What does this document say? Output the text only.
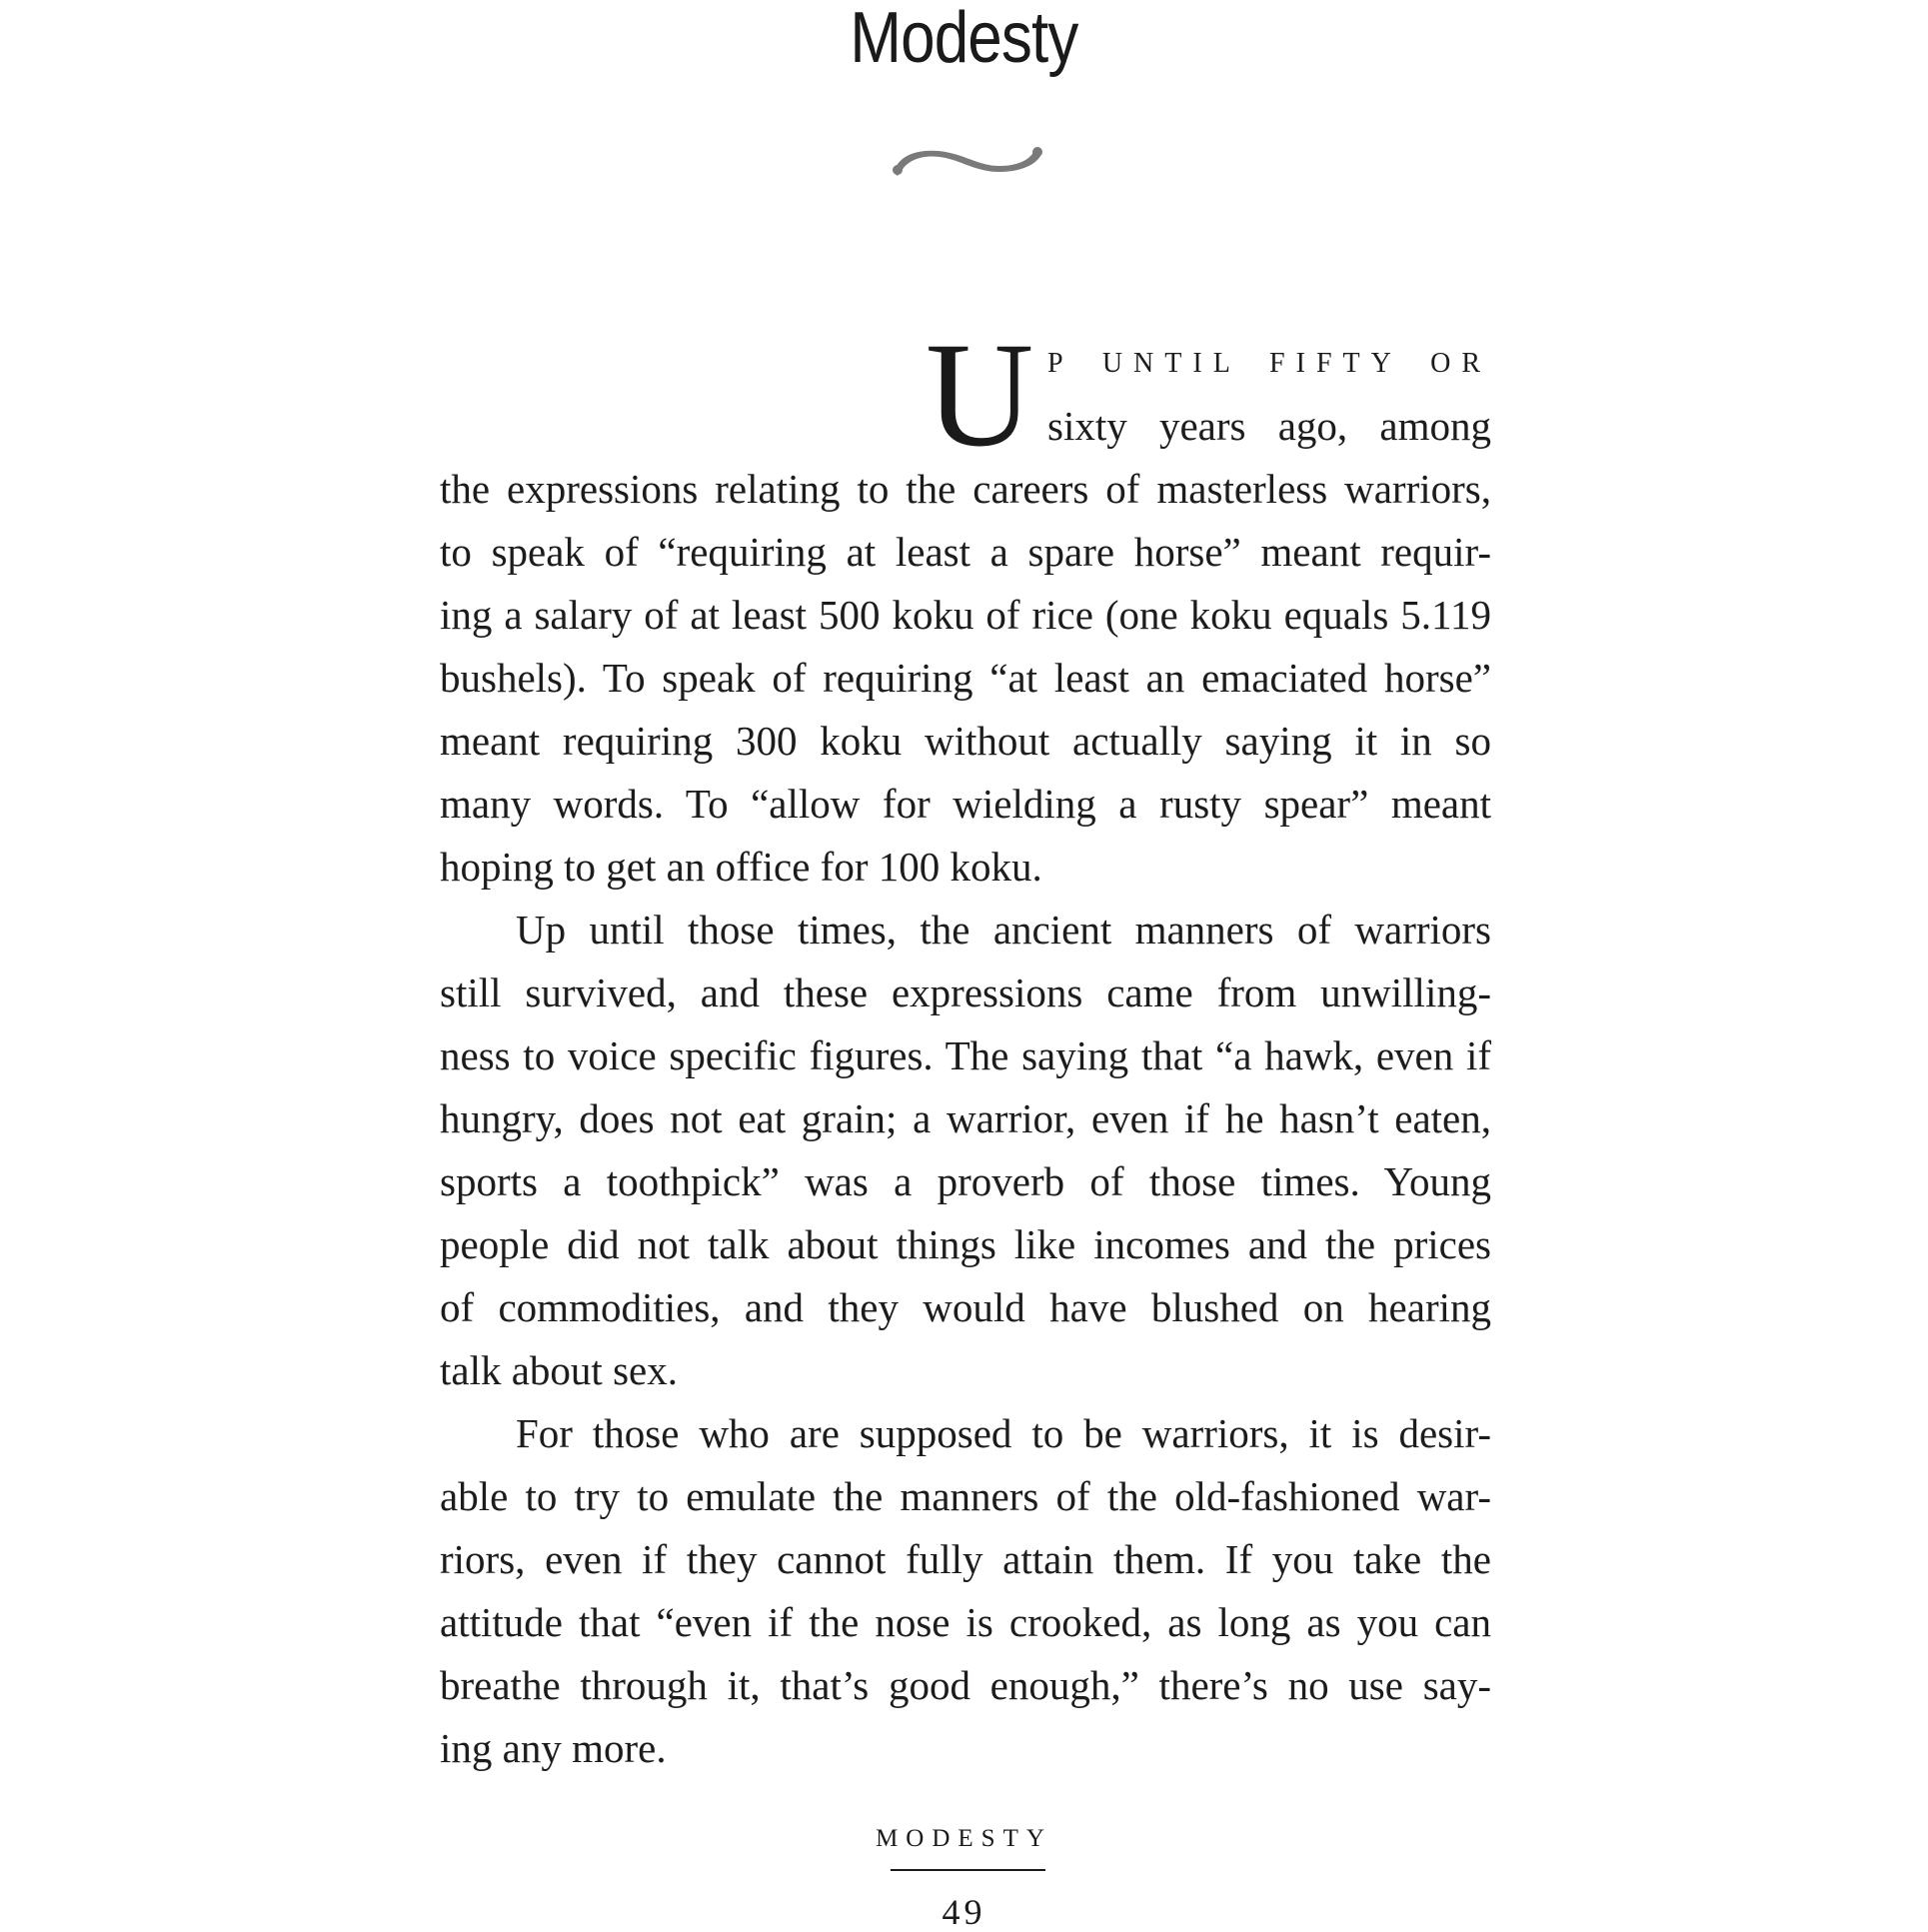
Modesty
U P UNTIL FIFTY OR
sixty years ago, among
the expressions relating to the careers of masterless warriors,
to speak of “requiring at least a spare horse” meant requir-
ing a salary of at least 500 koku of rice (one koku equals 5.119
bushels). To speak of requiring “at least an emaciated horse”
meant requiring 300 koku without actually saying it in so
many words. To “allow for wielding a rusty spear” meant
hoping to get an office for 100 koku.
Up until those times, the ancient manners of warriors
still survived, and these expressions came from unwilling-
ness to voice specific figures. The saying that “a hawk, even if
hungry, does not eat grain; a warrior, even if he hasn’t eaten,
sports a toothpick” was a proverb of those times. Young
people did not talk about things like incomes and the prices
of commodities, and they would have blushed on hearing
talk about sex.
For those who are supposed to be warriors, it is desir-
able to try to emulate the manners of the old-fashioned war-
riors, even if they cannot fully attain them. If you take the
attitude that “even if the nose is crooked, as long as you can
breathe through it, that’s good enough,” there’s no use say-
ing any more.
MODESTY
49
